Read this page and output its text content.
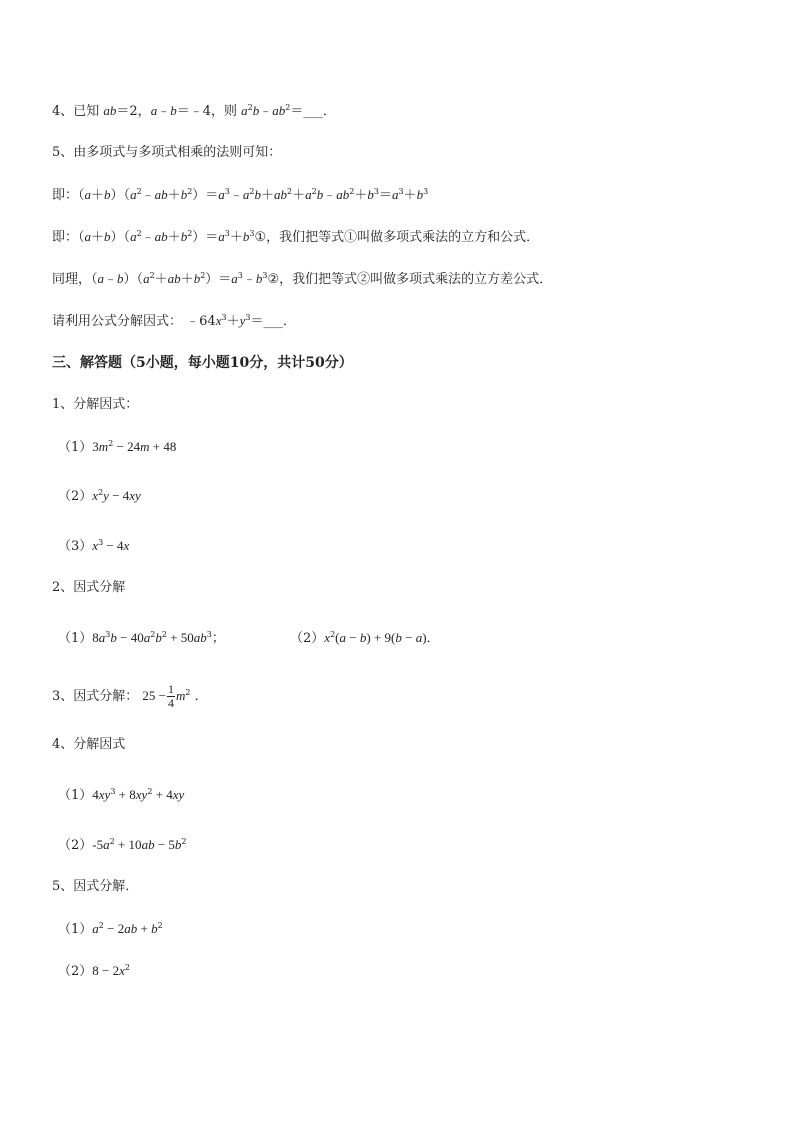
4、已知 ab＝2，a﹣b＝﹣4，则 $a^2b﹣ab^2=\_\_\_$．
5、由多项式与多项式相乘的法则可知：
即：$(a+b)(a^2﹣ab+b^2)=a^3﹣a^2b+ab^2+a^2b﹣ab^2+b^3=a^3+b^3$
即：$(a+b)(a^2﹣ab+b^2)=a^3+b^3①$，我们把等式①叫做多项式乘法的立方和公式．
同理，$(a﹣b)(a^2+ab+b^2)=a^3﹣b^3②$，我们把等式②叫做多项式乘法的立方差公式．
请利用公式分解因式： $﹣64x^3+y^3=\_\_\_$．
三、解答题（5小题，每小题10分，共计50分）
1、分解因式：
$(1)3m^2 - 24m + 48$
$(2)x^2y - 4xy$
$(3)x^3 - 4x$
2、因式分解
$(1)8a^3b - 40a^2b^2 + 50ab^3$；	$(2)x^2(a - b) + 9(b - a)$．
3、因式分解： $25 - \frac{1}{4} m^2$ ．
4、分解因式
$(1)4xy^3 + 8xy^2 + 4xy$
$(2)-5a^2 + 10ab - 5b^2$
5、因式分解．
$(1)a^2 - 2ab + b^2$
$(2)8 - 2x^2$
